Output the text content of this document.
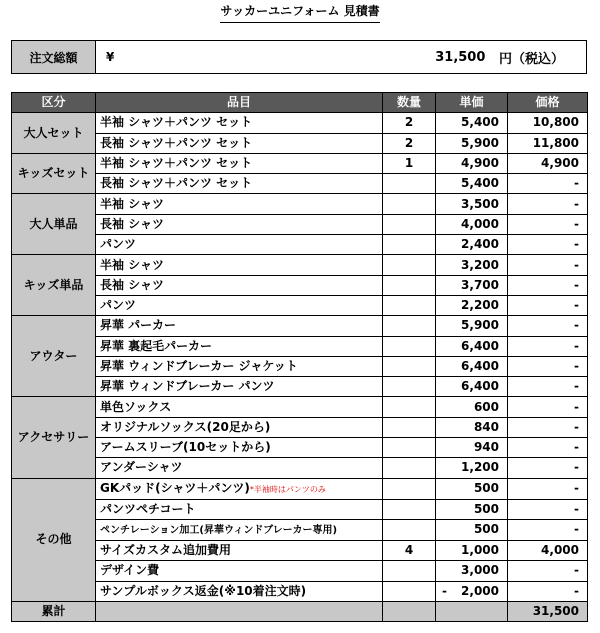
サッカーユニフォーム 見積書
注文総額	¥	31,500
円（税込）
区分	品目	数量	単価	価格
大人セット	半袖 シャツ＋パンツ セット	2	5,400	10,800
	長袖 シャツ＋パンツ セット	2	5,900	11,800
キッズセット	半袖 シャツ＋パンツ セット	1	4,900	4,900
	長袖 シャツ＋パンツ セット		5,400	-
大人単品	半袖 シャツ		3,500	-
	長袖 シャツ		4,000	-
	パンツ		2,400	-
キッズ単品	半袖 シャツ		3,200	-
	長袖 シャツ		3,700	-
	パンツ		2,200	-
アウター	昇華 パーカー		5,900	-
	昇華 裏起毛パーカー		6,400	-
	昇華 ウィンドブレーカー ジャケット		6,400	-
	昇華 ウィンドブレーカー パンツ		6,400	-
アクセサリー	単色ソックス		600	-
	オリジナルソックス(20足から)		840	-
	アームスリーブ(10セットから)		940	-
	アンダーシャツ		1,200	-
その他	GKパッド(シャツ＋パンツ)*半袖時はパンツのみ		500	-
	パンツペチコート		500	-
	ペンチレーション加工(昇華ウィンドブレーカー専用)		500	-
	サイズカスタム追加費用	4	1,000	4,000
	デザイン費		3,000	-
	サンプルボックス返金(※10着注文時)		- 2,000	-
累計				31,500
